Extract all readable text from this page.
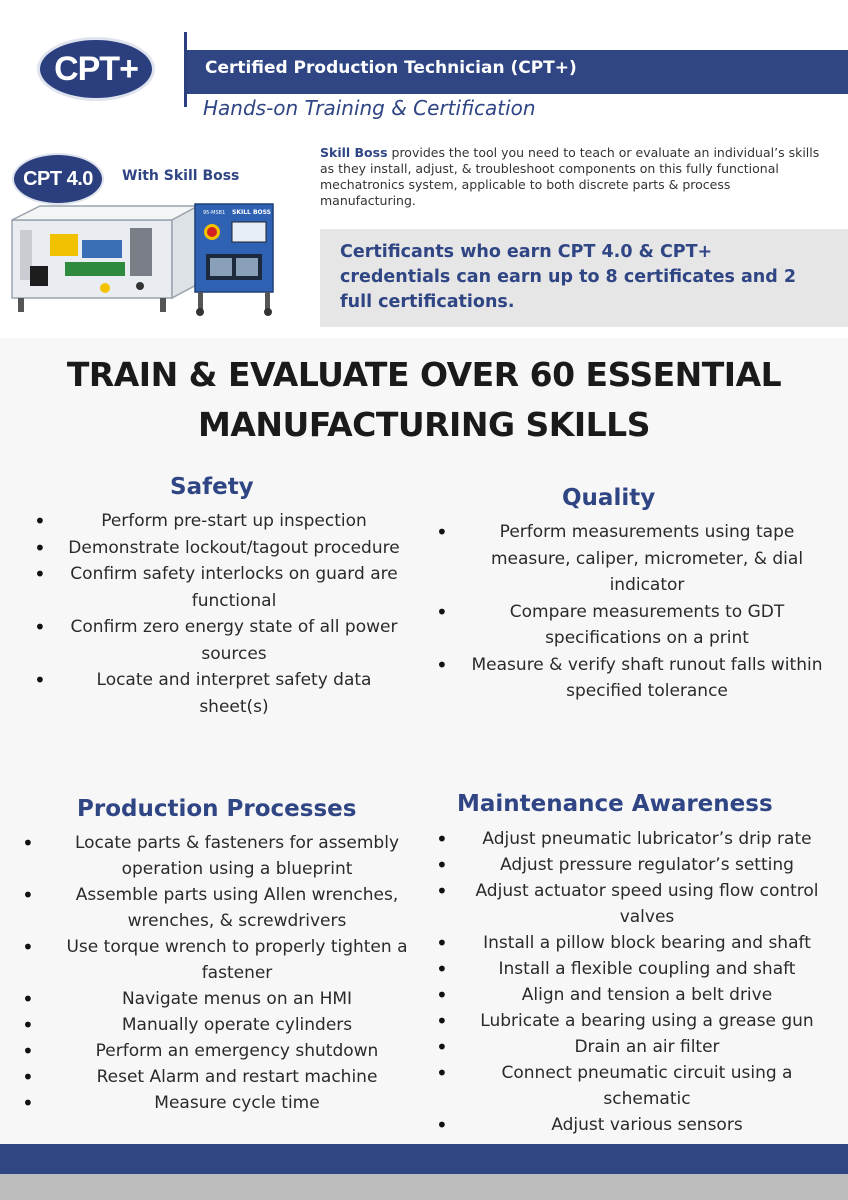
CPT+	Certified Production Technician (CPT+)
Hands-on Training & Certification
CPT 4.0 With Skill Boss
95-MSB1 SKILL BOSS
Skill Boss provides the tool you need to teach or evaluate an individual’s skills as they install, adjust, & troubleshoot components on this fully functional mechatronics system, applicable to both discrete parts & process manufacturing.
Certificants who earn CPT 4.0 & CPT+ credentials can earn up to 8 certificates and 2 full certifications.
TRAIN & EVALUATE OVER 60 ESSENTIAL
MANUFACTURING SKILLS
Safety
• Perform pre-start up inspection
• Demonstrate lockout/tagout procedure
• Confirm safety interlocks on guard are functional
• Confirm zero energy state of all power sources
• Locate and interpret safety data sheet(s)
Quality
• Perform measurements using tape measure, caliper, micrometer, & dial indicator
• Compare measurements to GDT specifications on a print
• Measure & verify shaft runout falls within specified tolerance
Production Processes
• Locate parts & fasteners for assembly operation using a blueprint
• Assemble parts using Allen wrenches, wrenches, & screwdrivers
• Use torque wrench to properly tighten a fastener
• Navigate menus on an HMI
• Manually operate cylinders
• Perform an emergency shutdown
• Reset Alarm and restart machine
• Measure cycle time
Maintenance Awareness
• Adjust pneumatic lubricator’s drip rate
• Adjust pressure regulator’s setting
• Adjust actuator speed using flow control valves
• Install a pillow block bearing and shaft
• Install a flexible coupling and shaft
• Align and tension a belt drive
• Lubricate a bearing using a grease gun
• Drain an air filter
• Connect pneumatic circuit using a schematic
• Adjust various sensors
